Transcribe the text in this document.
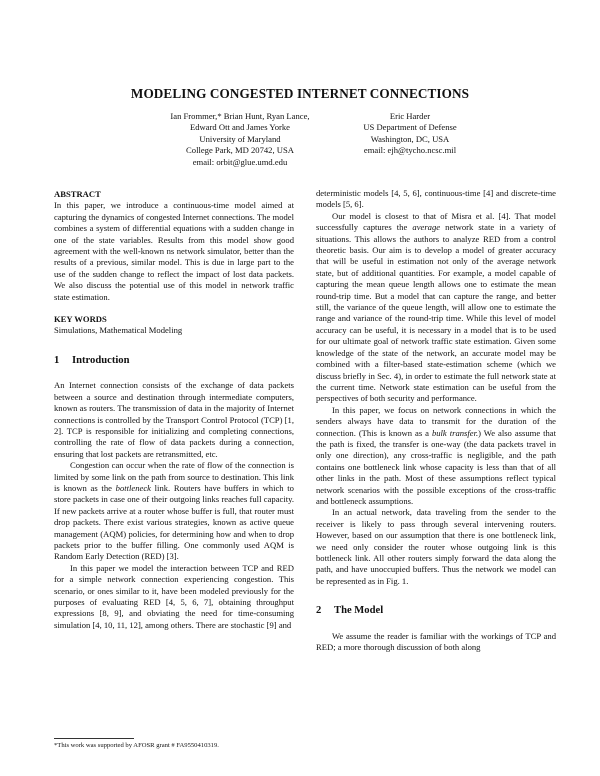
MODELING CONGESTED INTERNET CONNECTIONS
Ian Frommer,* Brian Hunt, Ryan Lance,
Edward Ott and James Yorke
University of Maryland
College Park, MD 20742, USA
email: orbit@glue.umd.edu
Eric Harder
US Department of Defense
Washington, DC, USA
email: ejh@tycho.ncsc.mil
ABSTRACT

In this paper, we introduce a continuous-time model aimed at capturing the dynamics of congested Internet connections. The model combines a system of differential equations with a sudden change in one of the state variables. Results from this model show good agreement with the well-known ns network simulator, better than the results of a previous, similar model. This is due in large part to the use of the sudden change to reflect the impact of lost data packets. We also discuss the potential use of this model in network traffic state estimation.

KEY WORDS

Simulations, Mathematical Modeling

1 Introduction

An Internet connection consists of the exchange of data packets between a source and destination through intermediate computers, known as routers. The transmission of data in the majority of Internet connections is controlled by the Transport Control Protocol (TCP) [1, 2]. TCP is responsible for initializing and completing connections, controlling the rate of flow of data packets during a connection, ensuring that lost packets are retransmitted, etc.

Congestion can occur when the rate of flow of the connection is limited by some link on the path from source to destination. This link is known as the bottleneck link. Routers have buffers in which to store packets in case one of their outgoing links reaches full capacity. If new packets arrive at a router whose buffer is full, that router must drop packets. There exist various strategies, known as active queue management (AQM) policies, for determining how and when to drop packets prior to the buffer filling. One commonly used AQM is Random Early Detection (RED) [3].

In this paper we model the interaction between TCP and RED for a simple network connection experiencing congestion. This scenario, or ones similar to it, have been modeled previously for the purposes of evaluating RED [4, 5, 6, 7], obtaining throughput expressions [8, 9], and obviating the need for time-consuming simulation [4, 10, 11, 12], among others. There are stochastic [9] and

deterministic models [4, 5, 6], continuous-time [4] and discrete-time models [5, 6].

Our model is closest to that of Misra et al. [4]. That model successfully captures the average network state in a variety of situations. This allows the authors to analyze RED from a control theoretic basis. Our aim is to develop a model of greater accuracy that will be useful in estimation not only of the average network state, but of additional quantities. For example, a model capable of capturing the mean queue length allows one to estimate the mean round-trip time. But a model that can capture the range, and better still, the variance of the queue length, will allow one to estimate the range and variance of the round-trip time. While this level of model accuracy can be useful, it is necessary in a model that is to be used for our ultimate goal of network traffic state estimation. Given some knowledge of the state of the network, an accurate model may be combined with a filter-based state-estimation scheme (which we discuss briefly in Sec. 4), in order to estimate the full network state at the current time. Network state estimation can be useful from the perspectives of both security and performance.

In this paper, we focus on network connections in which the senders always have data to transmit for the duration of the connection. (This is known as a bulk transfer.) We also assume that the path is fixed, the transfer is one-way (the data packets travel in only one direction), any cross-traffic is negligible, and the path contains one bottleneck link whose capacity is less than that of all other links in the path. Most of these assumptions reflect typical network scenarios with the possible exceptions of the cross-traffic and bottleneck assumptions.

In an actual network, data traveling from the sender to the receiver is likely to pass through several intervening routers. However, based on our assumption that there is one bottleneck link, we need only consider the router whose outgoing link is this bottleneck link. All other routers simply forward the data along the path, and have unoccupied buffers. Thus the network we model can be represented as in Fig. 1.

2 The Model

We assume the reader is familiar with the workings of TCP and RED; a more thorough discussion of both along

*This work was supported by AFOSR grant # FA9550410319.
